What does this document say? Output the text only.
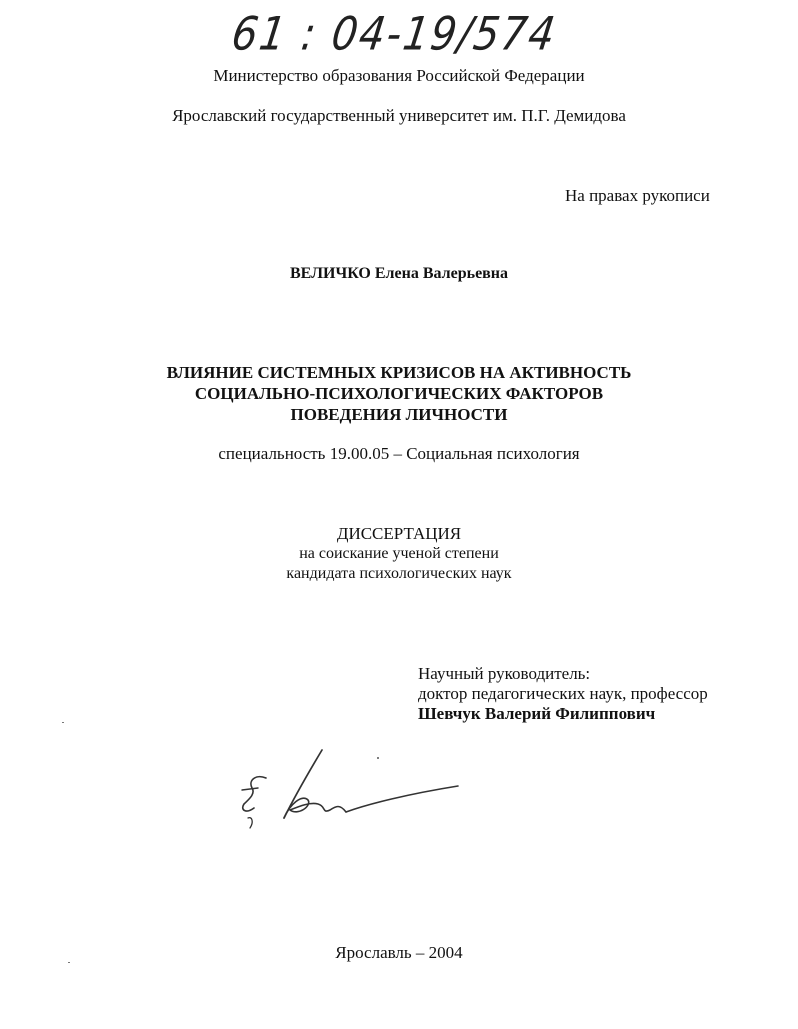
61 : 04-19/574
Министерство образования Российской Федерации
Ярославский государственный университет им. П.Г. Демидова
На правах рукописи
ВЕЛИЧКО Елена Валерьевна
ВЛИЯНИЕ СИСТЕМНЫХ КРИЗИСОВ НА АКТИВНОСТЬ
СОЦИАЛЬНО-ПСИХОЛОГИЧЕСКИХ ФАКТОРОВ
ПОВЕДЕНИЯ ЛИЧНОСТИ
специальность 19.00.05 – Социальная психология
ДИССЕРТАЦИЯ
на соискание ученой степени
кандидата психологических наук
Научный руководитель:
доктор педагогических наук, профессор
Шевчук Валерий Филиппович
Ярославль – 2004
